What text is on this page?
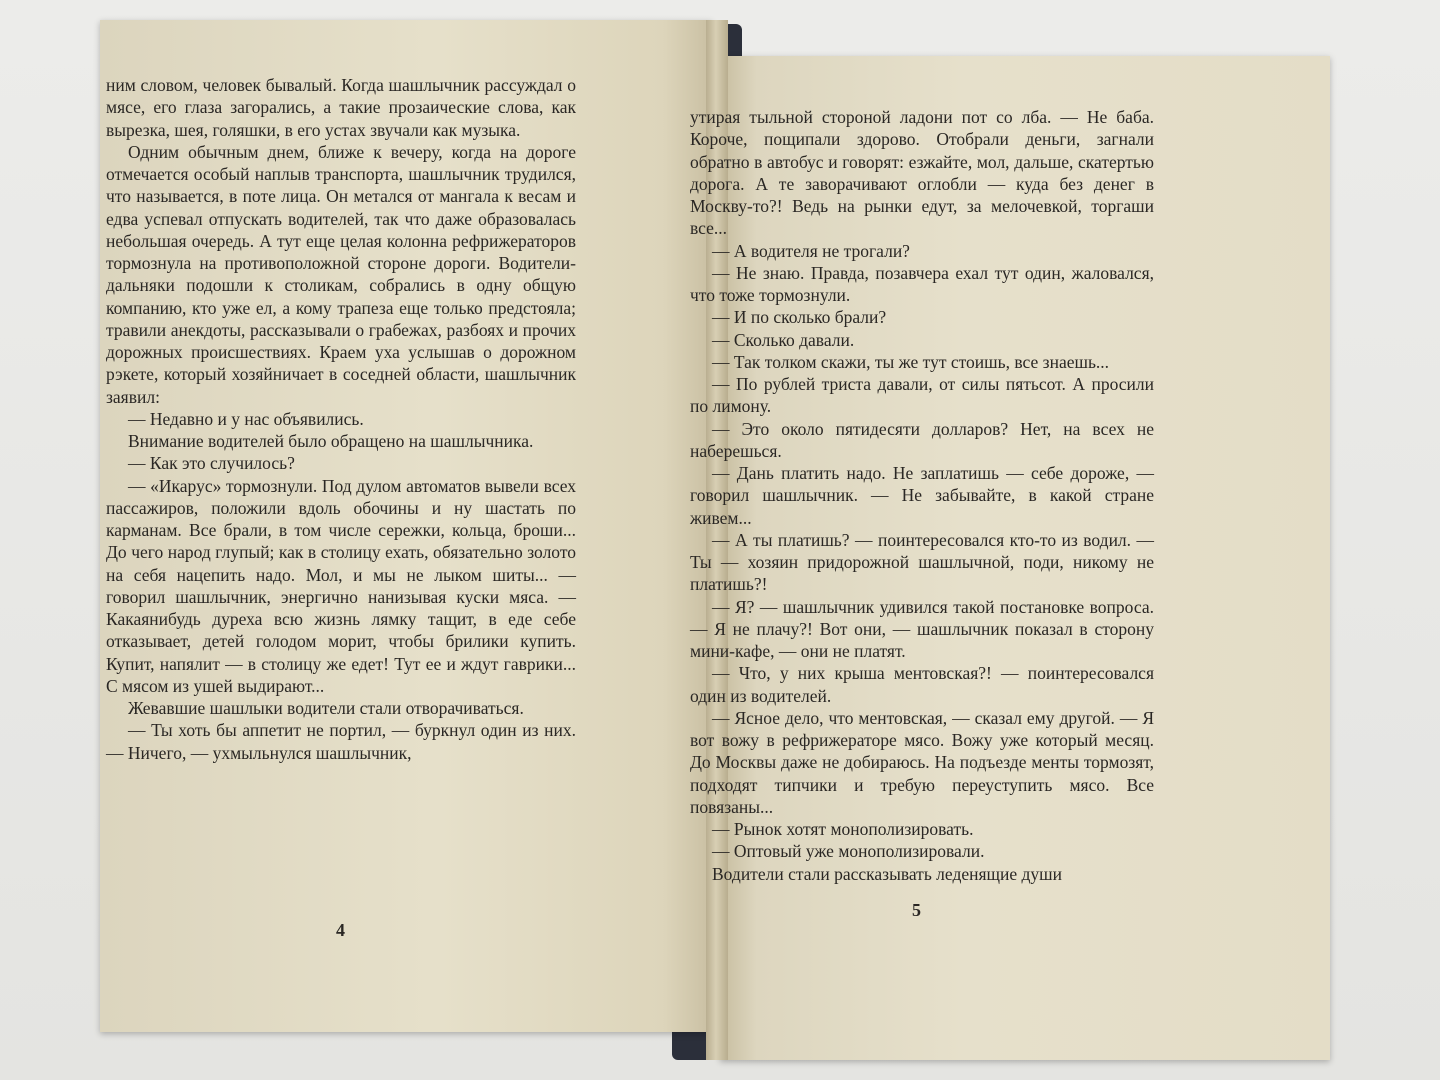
ним словом, человек бывалый. Когда шашлычник рассуждал о мясе, его глаза загорались, а такие прозаические слова, как вырезка, шея, голяшки, в его устах звучали как музыка.

Одним обычным днем, ближе к вечеру, когда на дороге отмечается особый наплыв транспорта, шашлычник трудился, что называется, в поте лица. Он метался от мангала к весам и едва успевал отпускать водителей, так что даже образовалась небольшая очередь. А тут еще целая колонна рефрижераторов тормознула на противоположной стороне дороги. Водители-дальняки подошли к столикам, собрались в одну общую компанию, кто уже ел, а кому трапеза еще только предстояла; травили анекдоты, рассказывали о грабежах, разбоях и прочих дорожных происшествиях. Краем уха услышав о дорожном рэкете, который хозяйничает в соседней области, шашлычник заявил:

— Недавно и у нас объявились.

Внимание водителей было обращено на шашлычника.

— Как это случилось?

— «Икарус» тормознули. Под дулом автоматов вывели всех пассажиров, положили вдоль обочины и ну шастать по карманам. Все брали, в том числе сережки, кольца, броши... До чего народ глупый; как в столицу ехать, обязательно золото на себя нацепить надо. Мол, и мы не лыком шиты... — говорил шашлычник, энергично нанизывая куски мяса. — Какаянибудь дуреха всю жизнь лямку тащит, в еде себе отказывает, детей голодом морит, чтобы брилики купить. Купит, напялит — в столицу же едет! Тут ее и ждут гаврики... С мясом из ушей выдирают...

Жевавшие шашлыки водители стали отворачиваться.

— Ты хоть бы аппетит не портил, — буркнул один из них. — Ничего, — ухмыльнулся шашлычник,

4

утирая тыльной стороной ладони пот со лба. — Не баба. Короче, пощипали здорово. Отобрали деньги, загнали обратно в автобус и говорят: езжайте, мол, дальше, скатертью дорога. А те заворачивают оглобли — куда без денег в Москву-то?! Ведь на рынки едут, за мелочевкой, торгаши все...

— А водителя не трогали?

— Не знаю. Правда, позавчера ехал тут один, жаловался, что тоже тормознули.

— И по сколько брали?

— Сколько давали.

— Так толком скажи, ты же тут стоишь, все знаешь...

— По рублей триста давали, от силы пятьсот. А просили по лимону.

— Это около пятидесяти долларов? Нет, на всех не наберешься.

— Дань платить надо. Не заплатишь — себе дороже, — говорил шашлычник. — Не забывайте, в какой стране живем...

— А ты платишь? — поинтересовался кто-то из водил. — Ты — хозяин придорожной шашлычной, поди, никому не платишь?!

— Я? — шашлычник удивился такой постановке вопроса. — Я не плачу?! Вот они, — шашлычник показал в сторону мини-кафе, — они не платят.

— Что, у них крыша ментовская?! — поинтересовался один из водителей.

— Ясное дело, что ментовская, — сказал ему другой. — Я вот вожу в рефрижераторе мясо. Вожу уже который месяц. До Москвы даже не добираюсь. На подъезде менты тормозят, подходят типчики и требую переуступить мясо. Все повязаны...

— Рынок хотят монополизировать.

— Оптовый уже монополизировали.

Водители стали рассказывать леденящие души

5
